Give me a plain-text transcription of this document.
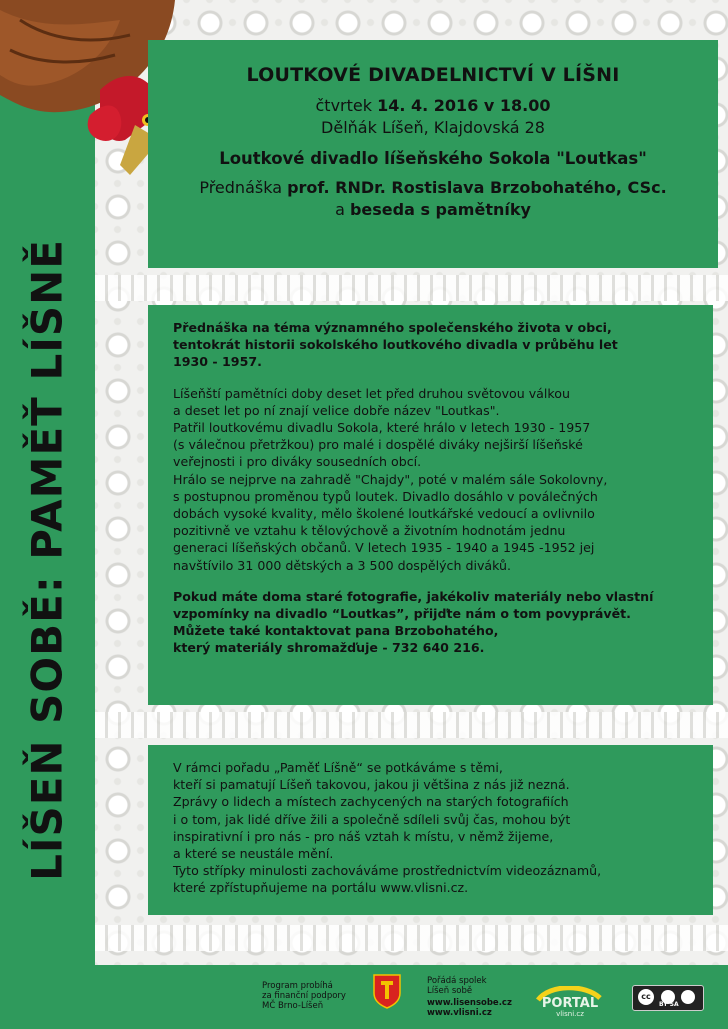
LÍŠEŇ SOBĚ: PAMĚŤ LÍŠNĚ
LOUTKOVÉ DIVADELNICTVÍ V LÍŠNI
čtvrtek 14. 4. 2016 v 18.00
Dělňák Líšeň, Klajdovská 28
Loutkové divadlo líšeňského Sokola "Loutkas"
Přednáška prof. RNDr. Rostislava Brzobohatého, CSc.
a beseda s pamětníky

Přednáška na téma významného společenského života v obci,
tentokrát historii sokolského loutkového divadla v průběhu let
1930 - 1957.

Líšeňští pamětníci doby deset let před druhou světovou válkou
a deset let po ní znají velice dobře název "Loutkas".
Patřil loutkovému divadlu Sokola, které hrálo v letech 1930 - 1957
(s válečnou přetržkou) pro malé i dospělé diváky nejširší líšeňské
veřejnosti i pro diváky sousedních obcí.
Hrálo se nejprve na zahradě "Chajdy", poté v malém sále Sokolovny,
s postupnou proměnou typů loutek. Divadlo dosáhlo v poválečných
dobách vysoké kvality, mělo školené loutkářské vedoucí a ovlivnilo
pozitivně ve vztahu k tělovýchově a životním hodnotám jednu
generaci líšeňských občanů. V letech 1935 - 1940 a 1945 -1952 jej
navštívilo 31 000 dětských a 3 500 dospělých diváků.

Pokud máte doma staré fotografie, jakékoliv materiály nebo vlastní
vzpomínky na divadlo “Loutkas”, přijďte nám o tom povyprávět.
Můžete také kontaktovat pana Brzobohatého,
který materiály shromažďuje - 732 640 216.

V rámci pořadu „Paměť Líšně“ se potkáváme s těmi,
kteří si pamatují Líšeň takovou, jakou ji většina z nás již nezná.
Zprávy o lidech a místech zachycených na starých fotografiích
i o tom, jak lidé dříve žili a společně sdíleli svůj čas, mohou být
inspirativní i pro nás - pro náš vztah k místu, v němž žijeme,
a které se neustále mění.
Tyto střípky minulosti zachováváme prostřednictvím videozáznamů,
které zpřístupňujeme na portálu www.vlisni.cz.

Program probíhá
za finanční podpory
MČ Brno-Líšeň
Pořádá spolek
Líšeň sobě
www.lisensobe.cz
www.vlisni.cz
PORTAL
vlisni.cz
cc
BY SA
